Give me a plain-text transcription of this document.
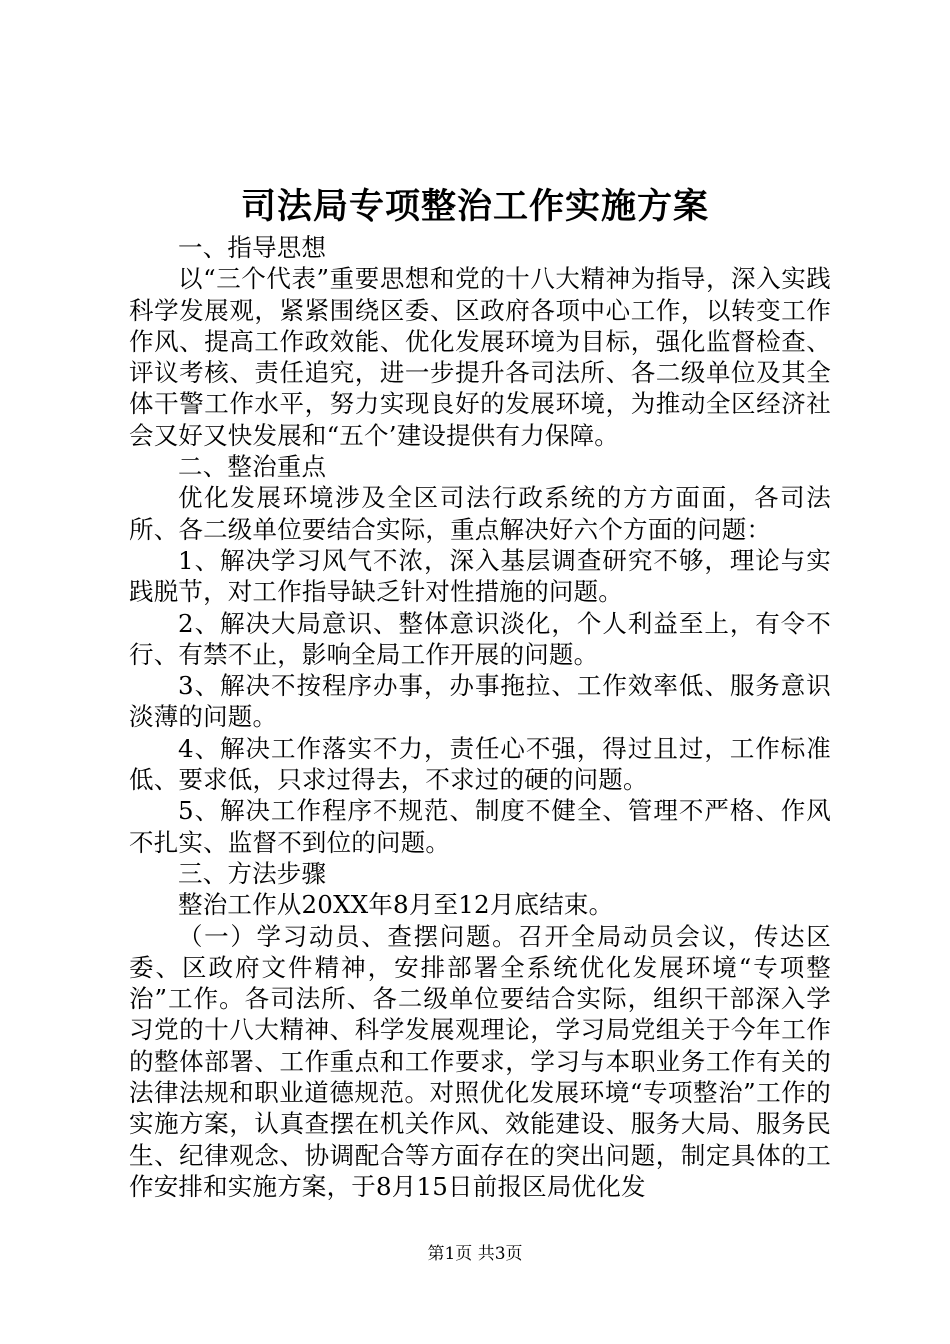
司法局专项整治工作实施方案

一、指导思想

以“三个代表”重要思想和党的十八大精神为指导，深入实践科学发展观，紧紧围绕区委、区政府各项中心工作，以转变工作作风、提高工作政效能、优化发展环境为目标，强化监督检查、评议考核、责任追究，进一步提升各司法所、各二级单位及其全体干警工作水平，努力实现良好的发展环境，为推动全区经济社会又好又快发展和“五个’建设提供有力保障。

二、整治重点

优化发展环境涉及全区司法行政系统的方方面面，各司法所、各二级单位要结合实际，重点解决好六个方面的问题：

1、解决学习风气不浓，深入基层调查研究不够，理论与实践脱节，对工作指导缺乏针对性措施的问题。

2、解决大局意识、整体意识淡化，个人利益至上，有令不行、有禁不止，影响全局工作开展的问题。

3、解决不按程序办事，办事拖拉、工作效率低、服务意识淡薄的问题。

4、解决工作落实不力，责任心不强，得过且过，工作标准低、要求低，只求过得去，不求过的硬的问题。

5、解决工作程序不规范、制度不健全、管理不严格、作风不扎实、监督不到位的问题。

三、方法步骤

整治工作从20XX年8月至12月底结束。

（一）学习动员、查摆问题。召开全局动员会议，传达区委、区政府文件精神，安排部署全系统优化发展环境“专项整治”工作。各司法所、各二级单位要结合实际，组织干部深入学习党的十八大精神、科学发展观理论，学习局党组关于今年工作的整体部署、工作重点和工作要求，学习与本职业务工作有关的法律法规和职业道德规范。对照优化发展环境“专项整治”工作的实施方案，认真查摆在机关作风、效能建设、服务大局、服务民生、纪律观念、协调配合等方面存在的突出问题，制定具体的工作安排和实施方案，于8月15日前报区局优化发

第1页 共3页
